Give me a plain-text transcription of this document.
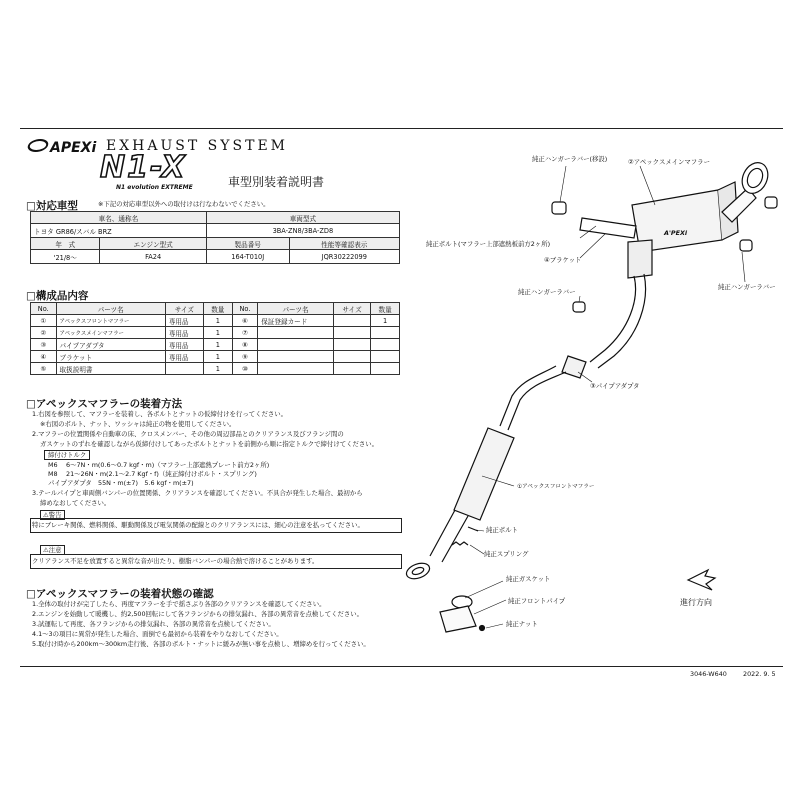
APEXi EXHAUST SYSTEM
N1-X
N1 evolution EXTREME	車型別装着説明書
□対応車型	※下記の対応車型以外への取付けは行なわないでください。
車名、通称名		車両型式	
トヨタ GR86/スバル BRZ		3BA-ZN8/3BA-ZD8	
年　式	エンジン型式	製品番号	性能等確認表示
'21/8～	FA24	164-T010J	JQR30222099
□構成品内容
No.	パーツ名	サイズ	数量	No.	パーツ名	サイズ	数量
①	アペックスフロントマフラー	専用品	1	⑥	保証登録カード		1
②	アペックスメインマフラー	専用品	1	⑦			
③	パイプアダプタ	専用品	1	⑧			
④	ブラケット	専用品	1	⑨			
⑤	取扱説明書		1	⑩			
□アペックスマフラーの装着方法
1.右図を参照して、マフラーを装着し、各ボルトとナットの仮締付けを行ってください。
※右図のボルト、ナット、ワッシャは純正の物を使用してください。
2.マフラーの位置関係や自動車の床、クロスメンバー、その他の周辺部品とのクリアランス及びフランジ間の
ガスケットのずれを確認しながら仮締付けしてあったボルトとナットを前側から順に指定トルクで締付けてください。
締付けトルク
M6　 6～7N・m(0.6～0.7 kgf・m)（マフラー上部遮熱プレート前方2ヶ所)
M8　 21～26N・m(2.1～2.7 Kgf・f)（純正締付けボルト・スプリング)
パイプアダプタ　55N・m(±7)　5.6 kgf・m(±7)
3.テールパイプと車両側バンパーの位置関係、クリアランスを確認してください。不具合が発生した場合、最初から
締めなおしてください。
⚠警告
特にブレーキ関係、燃料関係、駆動関係及び電気関係の配線とのクリアランスには、細心の注意を払ってください。
⚠注意
クリアランス不足を放置すると異常な音が出たり、樹脂バンパーの場合熱で溶けることがあります。
□アペックスマフラーの装着状態の確認
1.全体の取付けが完了したら、再度マフラーを手で揺さぶり各部のクリアランスを確認してください。
2.エンジンを始動して暖機し、約2,500回転にして各フランジからの排気漏れ、各部の異常音を点検してください。
3.試運転して再度、各フランジからの排気漏れ、各部の異常音を点検してください。
4.1～3の項目に異常が発生した場合、面倒でも最初から装着をやりなおしてください。
5.取付け時から200km～300km走行後、各部のボルト・ナットに緩みが無い事を点検し、増締めを行ってください。
純正ハンガーラバー(移設)	②アペックスメインマフラー
A'PEXi
純正ボルト(マフラー上部遮熱板前方2ヶ所)
④ブラケット
純正ハンガーラバー
純正ハンガーラバー
③パイプアダプタ
①アペックスフロントマフラー
純正ボルト
純正スプリング
純正ガスケット
純正フロントパイプ
純正ナット
進行方向
3046-W640	2022. 9. 5
